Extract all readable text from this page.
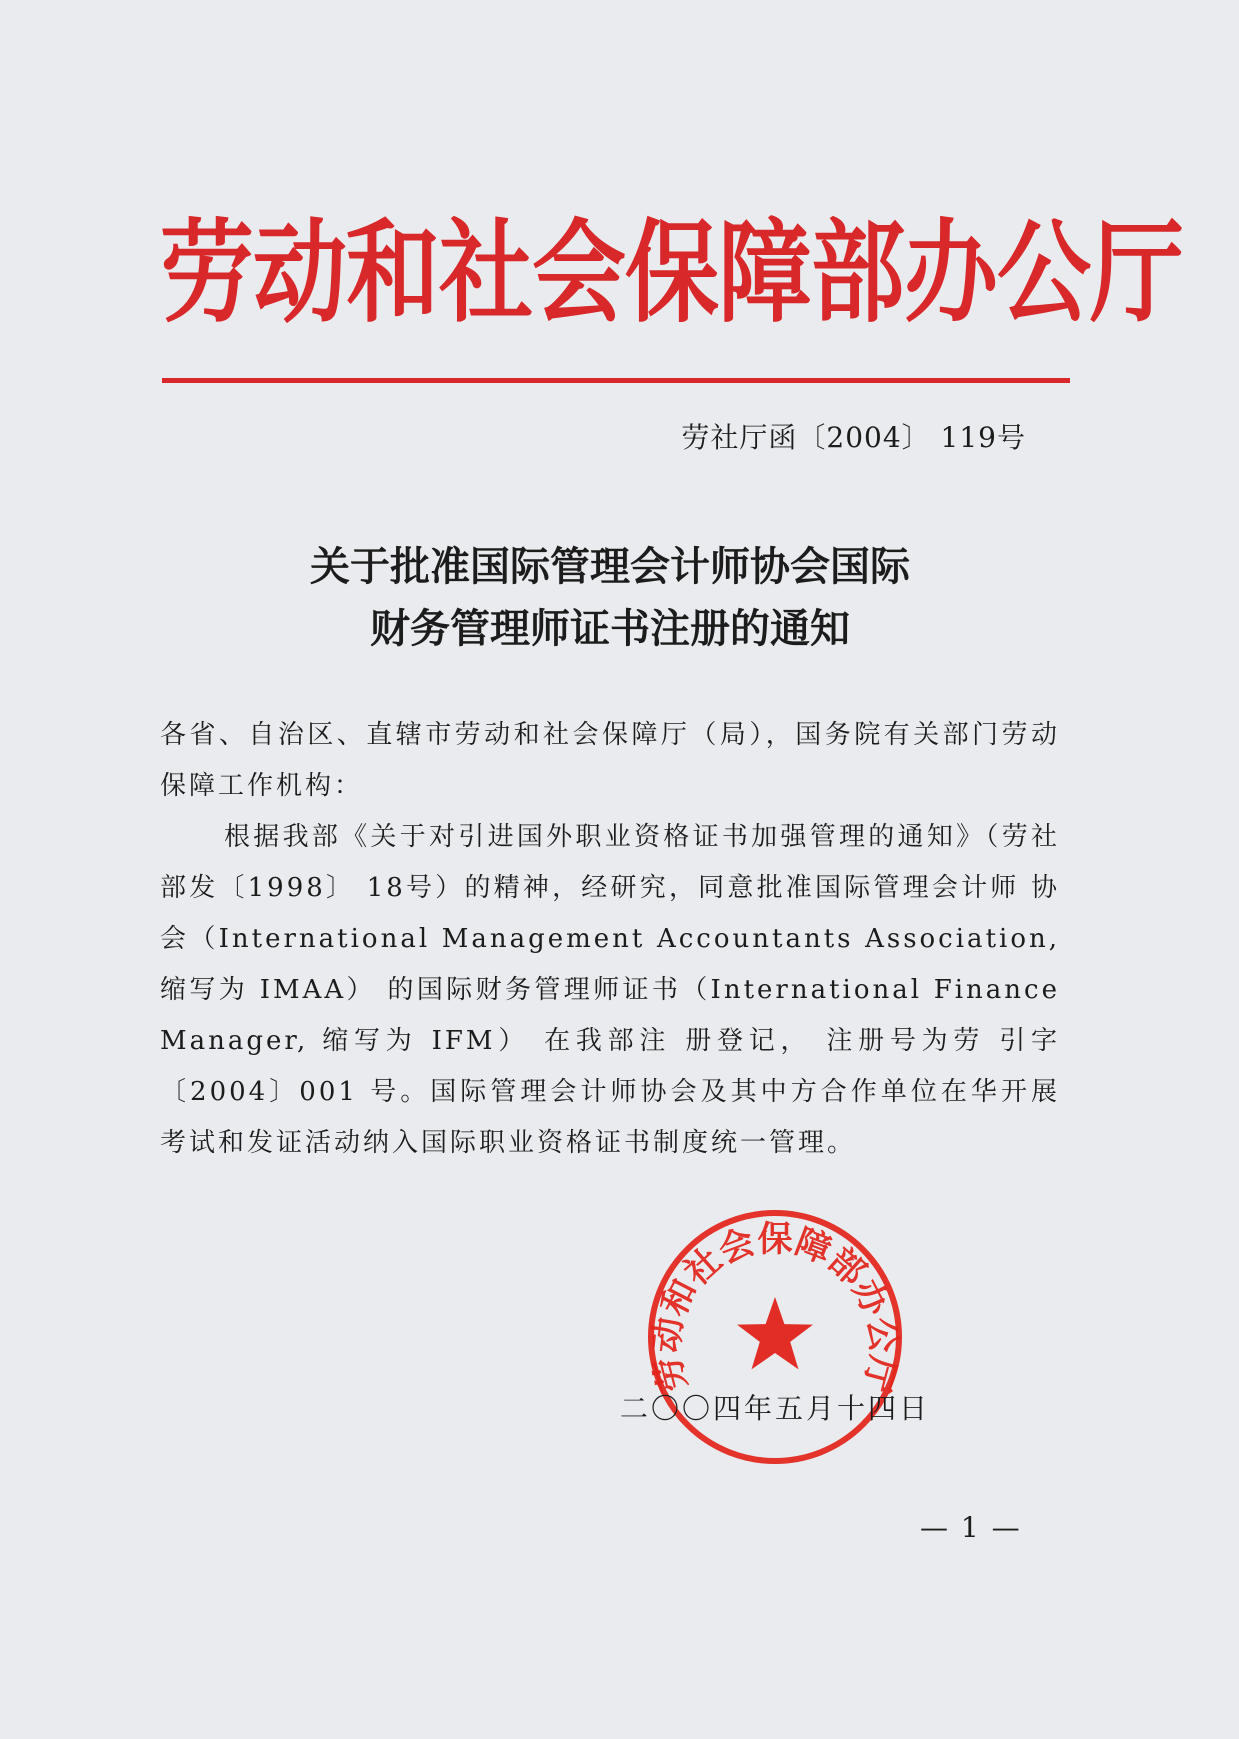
劳动和社会保障部办公厅
劳社厅函〔2004〕 119号
关于批准国际管理会计师协会国际
财务管理师证书注册的通知

各省、自治区、直辖市劳动和社会保障厅（局），国务院有关部门劳动保障工作机构：

根据我部《关于对引进国外职业资格证书加强管理的通知》（劳社部发〔1998〕 18号）的精神，经研究，同意批准国际管理会计师 协会（International Management Accountants Association, 缩写为 IMAA） 的国际财务管理师证书（International Finance Manager, 缩写为 IFM） 在我部注 册登记， 注册号为劳 引字〔2004〕001 号。国际管理会计师协会及其中方合作单位在华开展考试和发证活动纳入国际职业资格证书制度统一管理。

劳动和社会保障部办公厅
二〇〇四年五月十四日
— 1 —
